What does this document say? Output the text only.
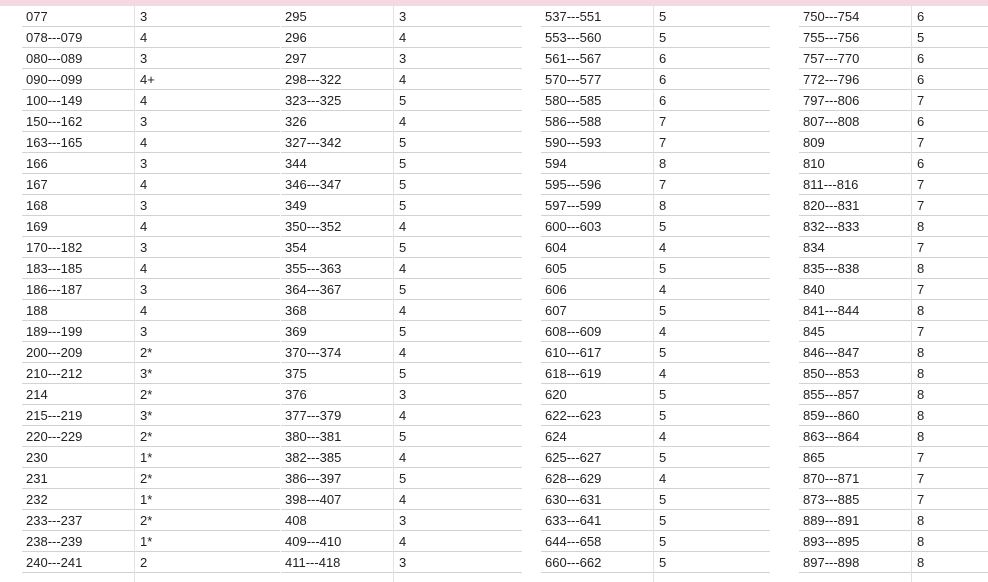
077	3
078---079	4
080---089	3
090---099	4+
100---149	4
150---162	3
163---165	4
166	3
167	4
168	3
169	4
170---182	3
183---185	4
186---187	3
188	4
189---199	3
200---209	2*
210---212	3*
214	2*
215---219	3*
220---229	2*
230	1*
231	2*
232	1*
233---237	2*
238---239	1*
240---241	2
295	3
296	4
297	3
298---322	4
323---325	5
326	4
327---342	5
344	5
346---347	5
349	5
350---352	4
354	5
355---363	4
364---367	5
368	4
369	5
370---374	4
375	5
376	3
377---379	4
380---381	5
382---385	4
386---397	5
398---407	4
408	3
409---410	4
411---418	3
537---551	5
553---560	5
561---567	6
570---577	6
580---585	6
586---588	7
590---593	7
594	8
595---596	7
597---599	8
600---603	5
604	4
605	5
606	4
607	5
608---609	4
610---617	5
618---619	4
620	5
622---623	5
624	4
625---627	5
628---629	4
630---631	5
633---641	5
644---658	5
660---662	5
750---754	6
755---756	5
757---770	6
772---796	6
797---806	7
807---808	6
809	7
810	6
811---816	7
820---831	7
832---833	8
834	7
835---838	8
840	7
841---844	8
845	7
846---847	8
850---853	8
855---857	8
859---860	8
863---864	8
865	7
870---871	7
873---885	7
889---891	8
893---895	8
897---898	8
